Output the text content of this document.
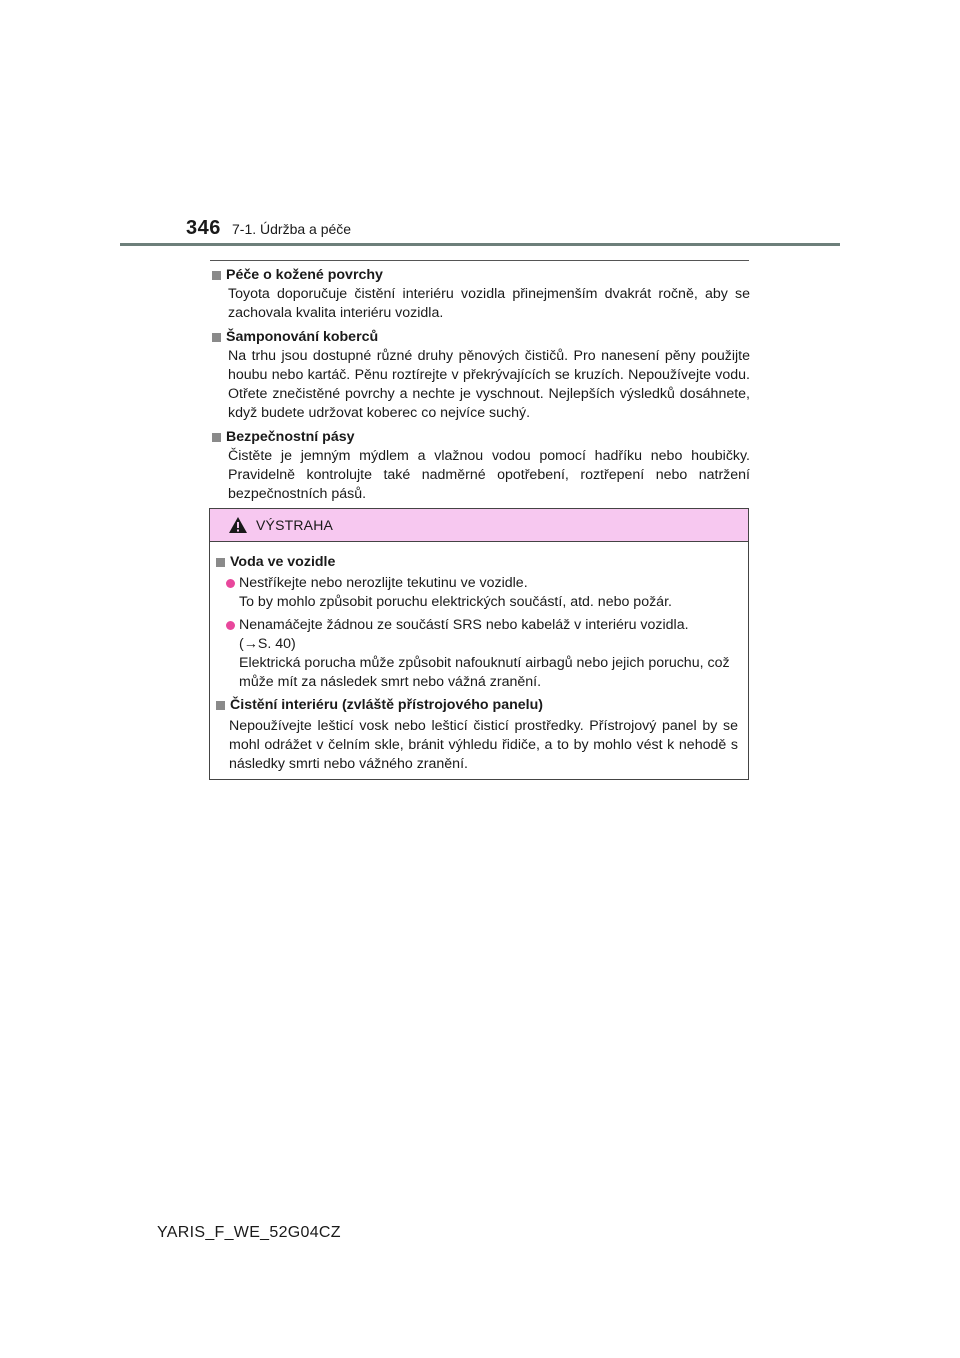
346 7-1. Údržba a péče

Péče o kožené povrchy

Toyota doporučuje čistění interiéru vozidla přinejmenším dvakrát ročně, aby se zachovala kvalita interiéru vozidla.

Šamponování koberců

Na trhu jsou dostupné různé druhy pěnových čističů. Pro nanesení pěny použijte houbu nebo kartáč. Pěnu roztírejte v překrývajících se kruzích. Nepoužívejte vodu. Otřete znečistěné povrchy a nechte je vyschnout. Nejlepších výsledků dosáhnete, když budete udržovat koberec co nejvíce suchý.

Bezpečnostní pásy

Čistěte je jemným mýdlem a vlažnou vodou pomocí hadříku nebo houbičky. Pravidelně kontrolujte také nadměrné opotřebení, roztřepení nebo natržení bezpečnostních pásů.

VÝSTRAHA

Voda ve vozidle

Nestříkejte nebo nerozlijte tekutinu ve vozidle.

To by mohlo způsobit poruchu elektrických součástí, atd. nebo požár.

Nenamáčejte žádnou ze součástí SRS nebo kabeláž v interiéru vozidla.

(→S. 40)

Elektrická porucha může způsobit nafouknutí airbagů nebo jejich poruchu, což může mít za následek smrt nebo vážná zranění.

Čistění interiéru (zvláště přístrojového panelu)

Nepoužívejte lešticí vosk nebo lešticí čisticí prostředky. Přístrojový panel by se mohl odrážet v čelním skle, bránit výhledu řidiče, a to by mohlo vést k nehodě s následky smrti nebo vážného zranění.

YARIS_F_WE_52G04CZ
